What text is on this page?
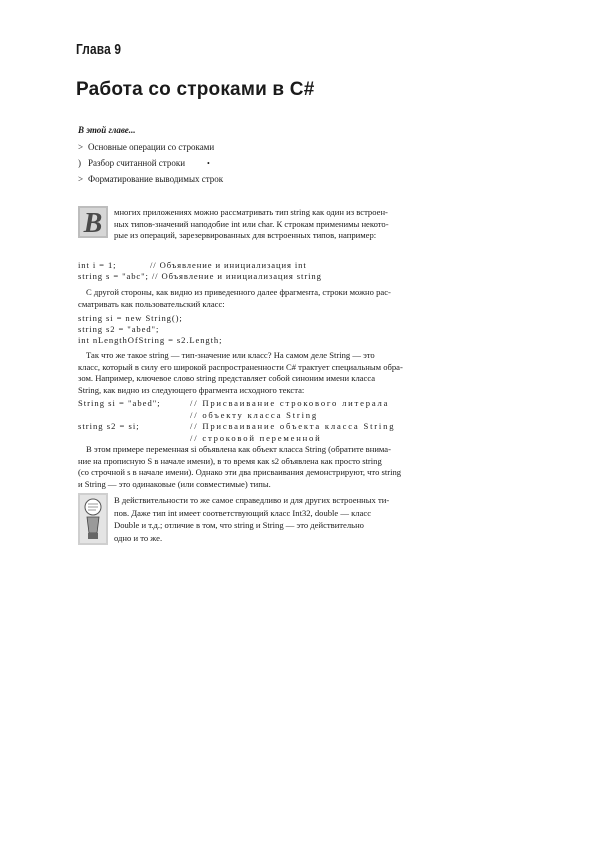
Глава 9
Работа со строками в C#
В этой главе...
> Основные операции со строками
) Разбор считанной строки	•
> Форматирование выводимых строк
В	многих приложениях можно рассматривать тип string как один из встроен-
ных типов-значений наподобие int или char. К строкам применимы некото-
рые из операций, зарезервированных для встроенных типов, например:
int i = 1;           // Объявление и инициализация int
string s = "abc"; // Объявление и инициализация string
С другой стороны, как видно из приведенного далее фрагмента, строки можно рас-
сматривать как пользовательский класс:
string si = new String();
string s2 = "abed";
int nLengthOfString = s2.Length;
Так что же такое string — тип-значение или класс? На самом деле String — это
класс, который в силу его широкой распространенности C# трактует специальным обра-
зом. Например, ключевое слово string представляет собой синоним имени класса
String, как видно из следующего фрагмента исходного текста:
String si = "abed";	// Присваивание строкового литерала
// объекту класса String
string s2 = si;	// Присваивание объекта класса String
// строковой переменной
В этом примере переменная si объявлена как объект класса String (обратите внима-
ние на прописную S в начале имени), в то время как s2 объявлена как просто string
(со строчной s в начале имени). Однако эти два присваивания демонстрируют, что string
и String — это одинаковые (или совместимые) типы.
В действительности то же самое справедливо и для других встроенных ти-
пов. Даже тип int имеет соответствующий класс Int32, double — класс
Double и т.д.; отличие в том, что string и String — это действительно
одно и то же.
